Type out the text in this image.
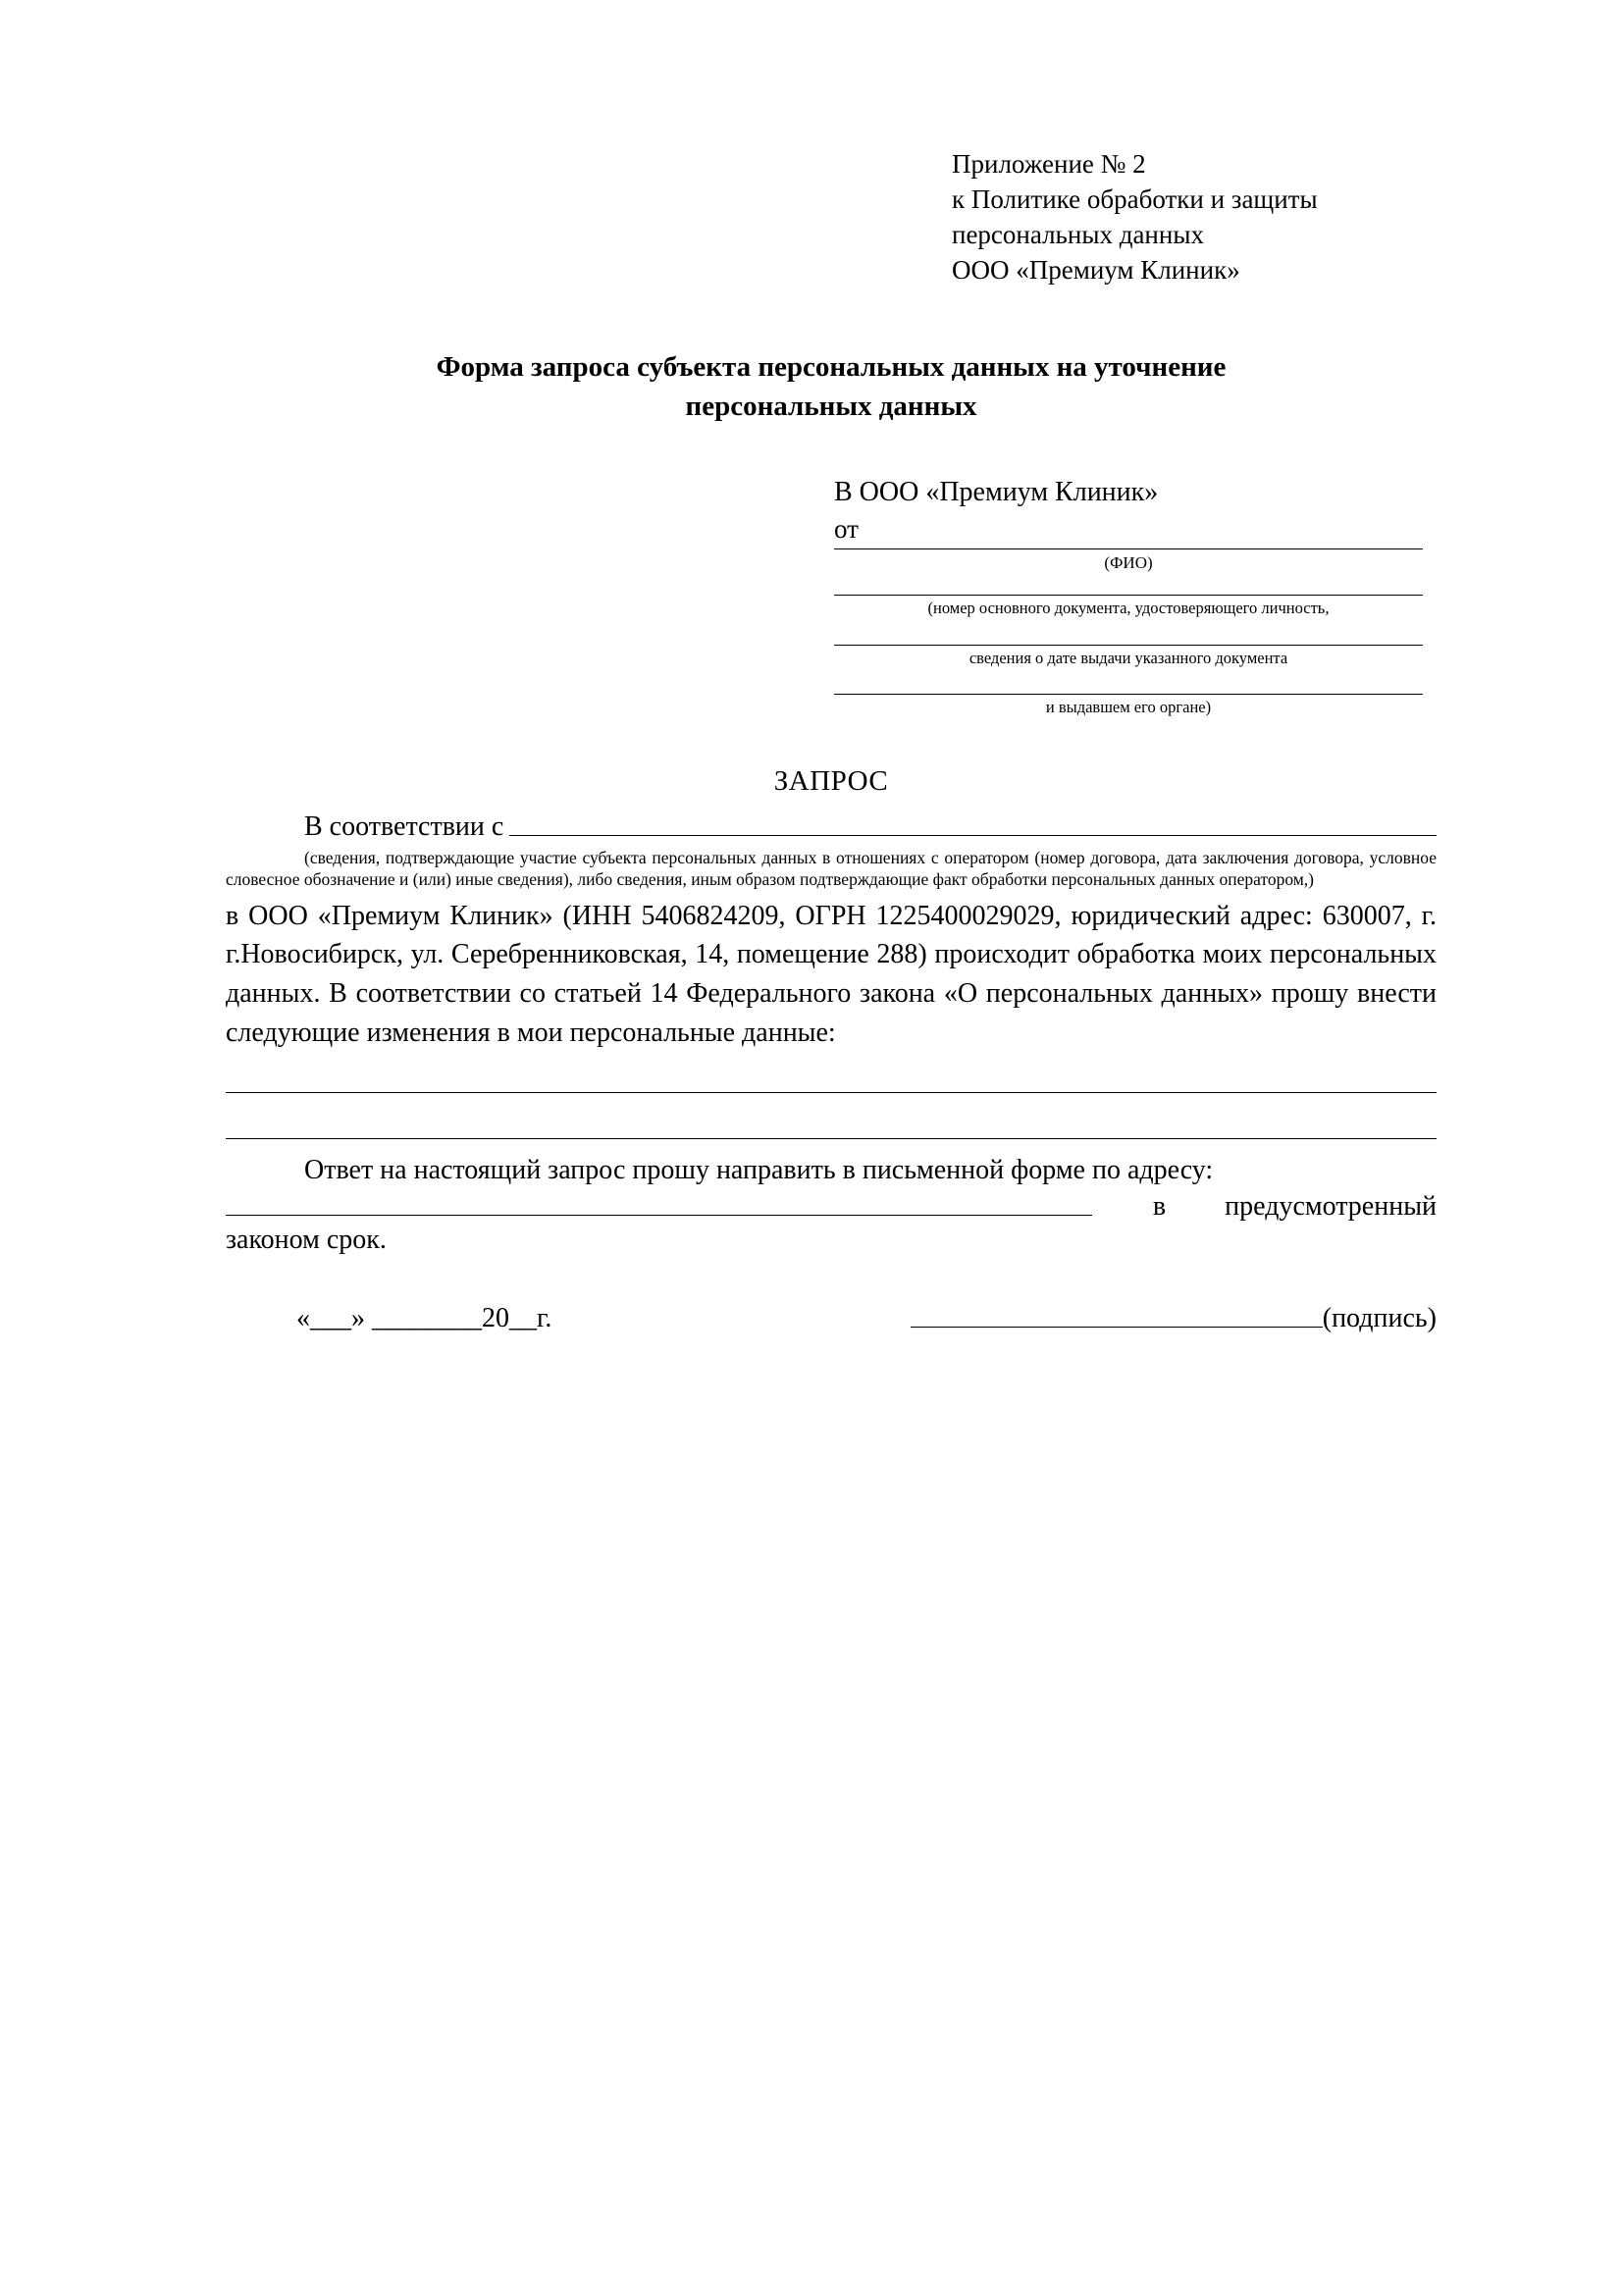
Приложение № 2
к Политике обработки и защиты
персональных данных
ООО «Премиум Клиник»
Форма запроса субъекта персональных данных на уточнение
персональных данных
В ООО «Премиум Клиник»
от
(ФИО)
(номер основного документа, удостоверяющего личность,
сведения о дате выдачи указанного документа
и выдавшем его органе)
ЗАПРОС
В соответствии с
(сведения, подтверждающие участие субъекта персональных данных в отношениях с оператором (номер договора, дата заключения договора, условное словесное обозначение и (или) иные сведения), либо сведения, иным образом подтверждающие факт обработки персональных данных оператором,)
в ООО «Премиум Клиник» (ИНН 5406824209, ОГРН 1225400029029, юридический адрес: 630007, г. г.Новосибирск, ул. Серебренниковская, 14, помещение 288) происходит обработка моих персональных данных. В соответствии со статьей 14 Федерального закона «О персональных данных» прошу внести следующие изменения в мои персональные данные:
Ответ на настоящий запрос прошу направить в письменной форме по адресу:
в предусмотренный
законом срок.
«___» ________20__г.	(подпись)
